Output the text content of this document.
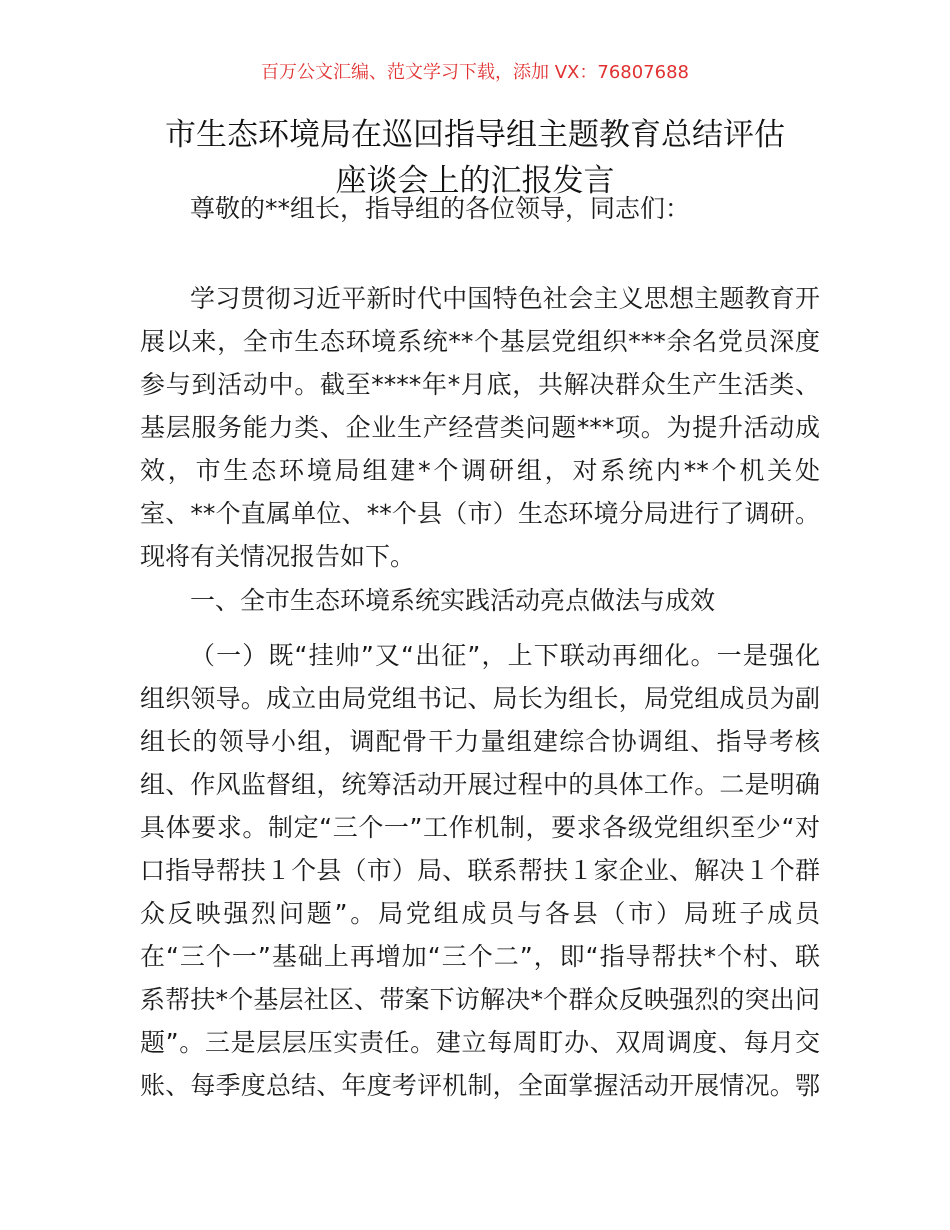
百万公文汇编、范文学习下载，添加 VX：76807688
市生态环境局在巡回指导组主题教育总结评估
座谈会上的汇报发言
尊敬的**组长，指导组的各位领导，同志们：
学习贯彻习近平新时代中国特色社会主义思想主题教育开
展以来，全市生态环境系统**个基层党组织***余名党员深度
参与到活动中。截至****年*月底，共解决群众生产生活类、
基层服务能力类、企业生产经营类问题***项。为提升活动成
效，市生态环境局组建*个调研组，对系统内**个机关处
室、**个直属单位、**个县（市）生态环境分局进行了调研。
现将有关情况报告如下。
一、全市生态环境系统实践活动亮点做法与成效
（一）既“挂帅”又“出征”，上下联动再细化。一是强化
组织领导。成立由局党组书记、局长为组长，局党组成员为副
组长的领导小组，调配骨干力量组建综合协调组、指导考核
组、作风监督组，统筹活动开展过程中的具体工作。二是明确
具体要求。制定“三个一”工作机制，要求各级党组织至少“对
口指导帮扶１个县（市）局、联系帮扶１家企业、解决１个群
众反映强烈问题”。局党组成员与各县（市）局班子成员
在“三个一”基础上再增加“三个二”，即“指导帮扶*个村、联
系帮扶*个基层社区、带案下访解决*个群众反映强烈的突出问
题”。三是层层压实责任。建立每周盯办、双周调度、每月交
账、每季度总结、年度考评机制，全面掌握活动开展情况。鄂
